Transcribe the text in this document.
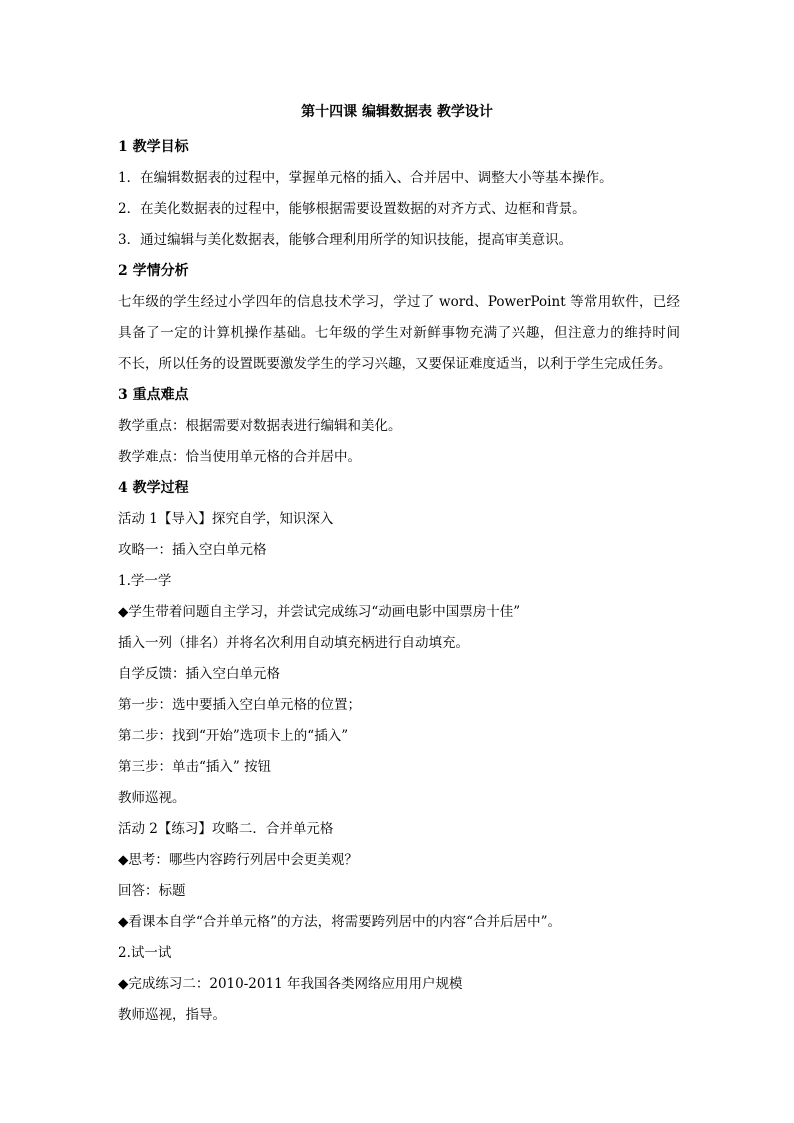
第十四课 编辑数据表 教学设计
1 教学目标
1．在编辑数据表的过程中，掌握单元格的插入、合并居中、调整大小等基本操作。
2．在美化数据表的过程中，能够根据需要设置数据的对齐方式、边框和背景。
3．通过编辑与美化数据表，能够合理利用所学的知识技能，提高审美意识。
2 学情分析
七年级的学生经过小学四年的信息技术学习，学过了 word、PowerPoint 等常用软件，已经
具备了一定的计算机操作基础。七年级的学生对新鲜事物充满了兴趣，但注意力的维持时间
不长，所以任务的设置既要激发学生的学习兴趣，又要保证难度适当，以利于学生完成任务。
3 重点难点
教学重点：根据需要对数据表进行编辑和美化。
教学难点：恰当使用单元格的合并居中。
4 教学过程
活动 1【导入】探究自学，知识深入
攻略一：插入空白单元格
1.学一学
◆学生带着问题自主学习，并尝试完成练习“动画电影中国票房十佳”
插入一列（排名）并将名次利用自动填充柄进行自动填充。
自学反馈：插入空白单元格
第一步：选中要插入空白单元格的位置；
第二步：找到“开始”选项卡上的“插入”
第三步：单击“插入” 按钮
教师巡视。
活动 2【练习】攻略二．合并单元格
◆思考：哪些内容跨行列居中会更美观？
回答：标题
◆看课本自学“合并单元格”的方法，将需要跨列居中的内容“合并后居中”。
2.试一试
◆完成练习二：2010-2011 年我国各类网络应用用户规模
教师巡视，指导。
